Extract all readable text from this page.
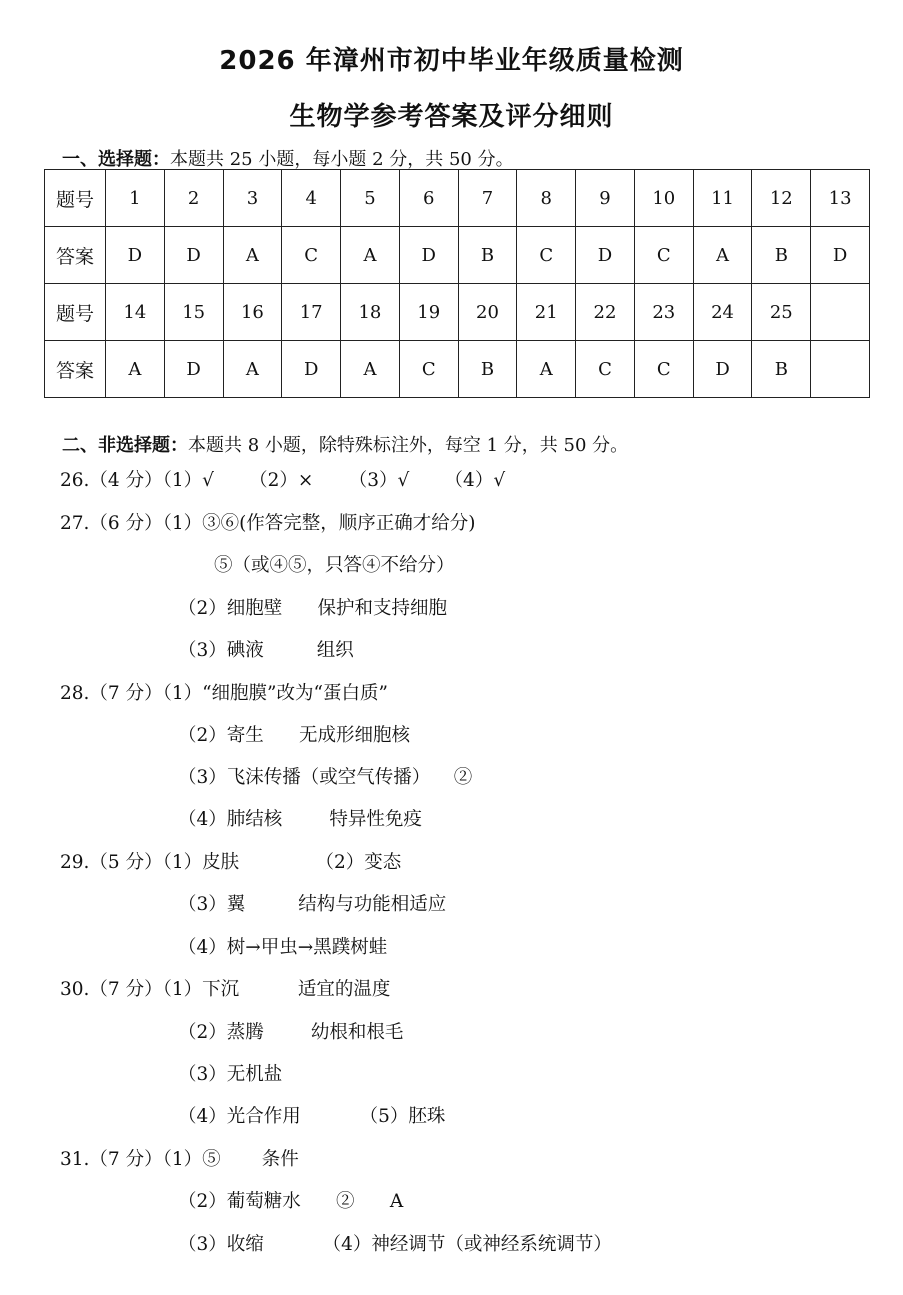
2026 年漳州市初中毕业年级质量检测
生物学参考答案及评分细则
一、选择题：本题共 25 小题，每小题 2 分，共 50 分。
题号	1	2	3	4	5	6	7	8	9	10	11	12	13
答案	D	D	A	C	A	D	B	C	D	C	A	B	D
题号	14	15	16	17	18	19	20	21	22	23	24	25	
答案	A	D	A	D	A	C	B	A	C	C	D	B	
二、非选择题：本题共 8 小题，除特殊标注外，每空 1 分，共 50 分。
26.（4 分）（1）√      （2）×      （3）√      （4）√
27.（6 分）（1）③⑥(作答完整，顺序正确才给分)
⑤（或④⑤，只答④不给分）
（2）细胞壁      保护和支持细胞
（3）碘液         组织
28.（7 分）（1）“细胞膜”改为“蛋白质”
（2）寄生      无成形细胞核
（3）飞沫传播（或空气传播）    ②
（4）肺结核        特异性免疫
29.（5 分）（1）皮肤             （2）变态
（3）翼         结构与功能相适应
（4）树→甲虫→黑蹼树蛙
30.（7 分）（1）下沉          适宜的温度
（2）蒸腾        幼根和根毛
（3）无机盐
（4）光合作用          （5）胚珠
31.（7 分）（1）⑤       条件
（2）葡萄糖水      ②      A
（3）收缩          （4）神经调节（或神经系统调节）
